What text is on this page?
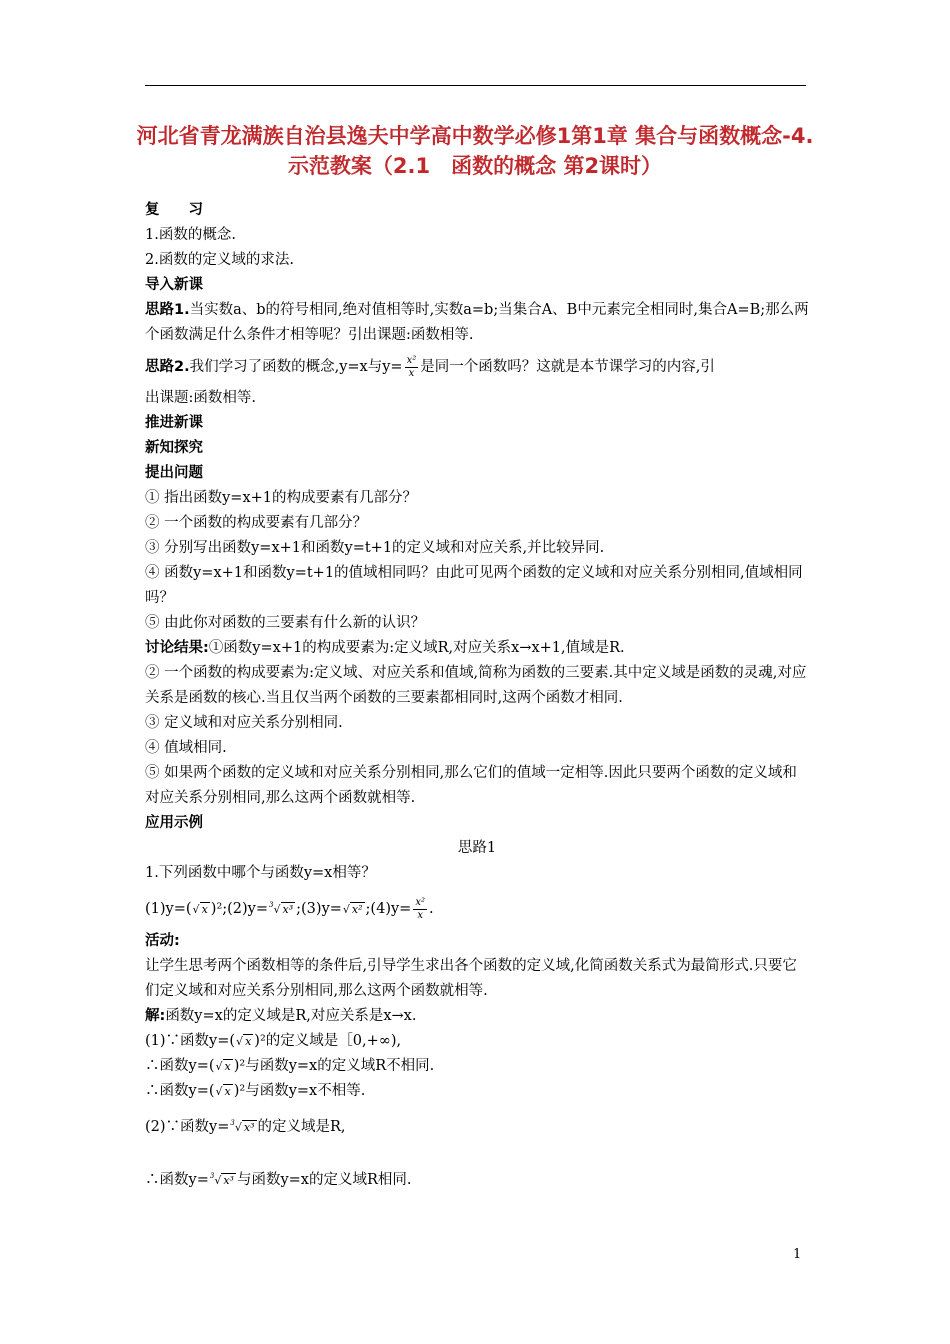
河北省青龙满族自治县逸夫中学高中数学必修1第1章 集合与函数概念-4.示范教案（2.1　函数的概念 第2课时）
复　　习
1.函数的概念.
2.函数的定义域的求法.
导入新课
思路1.当实数a、b的符号相同,绝对值相等时,实数a=b;当集合A、B中元素完全相同时,集合A=B;那么两个函数满足什么条件才相等呢？引出课题:函数相等.
思路2.我们学习了函数的概念,y=x与$y= \frac{\text{x²}}{x}$ 是同一个函数吗？这就是本节课学习的内容,引
出课题:函数相等.
推进新课
新知探究
提出问题
① 指出函数y=x+1的构成要素有几部分？
② 一个函数的构成要素有几部分？
③ 分别写出函数y=x+1和函数y=t+1的定义域和对应关系,并比较异同.
④ 函数y=x+1和函数y=t+1的值域相同吗？由此可见两个函数的定义域和对应关系分别相同,值域相同吗？
⑤ 由此你对函数的三要素有什么新的认识？
讨论结果:①函数y=x+1的构成要素为:定义域R,对应关系x→x+1,值域是R.
② 一个函数的构成要素为:定义域、对应关系和值域,简称为函数的三要素.其中定义域是函数的灵魂,对应关系是函数的核心.当且仅当两个函数的三要素都相同时,这两个函数才相同.
③ 定义域和对应关系分别相同.
④ 值域相同.
⑤ 如果两个函数的定义域和对应关系分别相同,那么它们的值域一定相等.因此只要两个函数的定义域和对应关系分别相同,那么这两个函数就相等.
应用示例
思路1
1.下列函数中哪个与函数y=x相等？
(1)y=(√ x )²;(2)y=$^3$√ x³ ;(3)y=√ x² ;(4)y= $\frac{\text{x²}}{x}$ .
活动:
让学生思考两个函数相等的条件后,引导学生求出各个函数的定义域,化简函数关系式为最简形式.只要它们定义域和对应关系分别相同,那么这两个函数就相等.
解:函数y=x的定义域是R,对应关系是x→x.
(1)∵函数y=(√ x )²的定义域是［0,+∞),
∴函数y=(√ x )²与函数y=x的定义域R不相同.
∴函数y=(√ x )²与函数y=x不相等.
(2)∵函数y=$^3$√ x³ 的定义域是R,
∴函数y=$^3$√ x³ 与函数y=x的定义域R相同.
1
